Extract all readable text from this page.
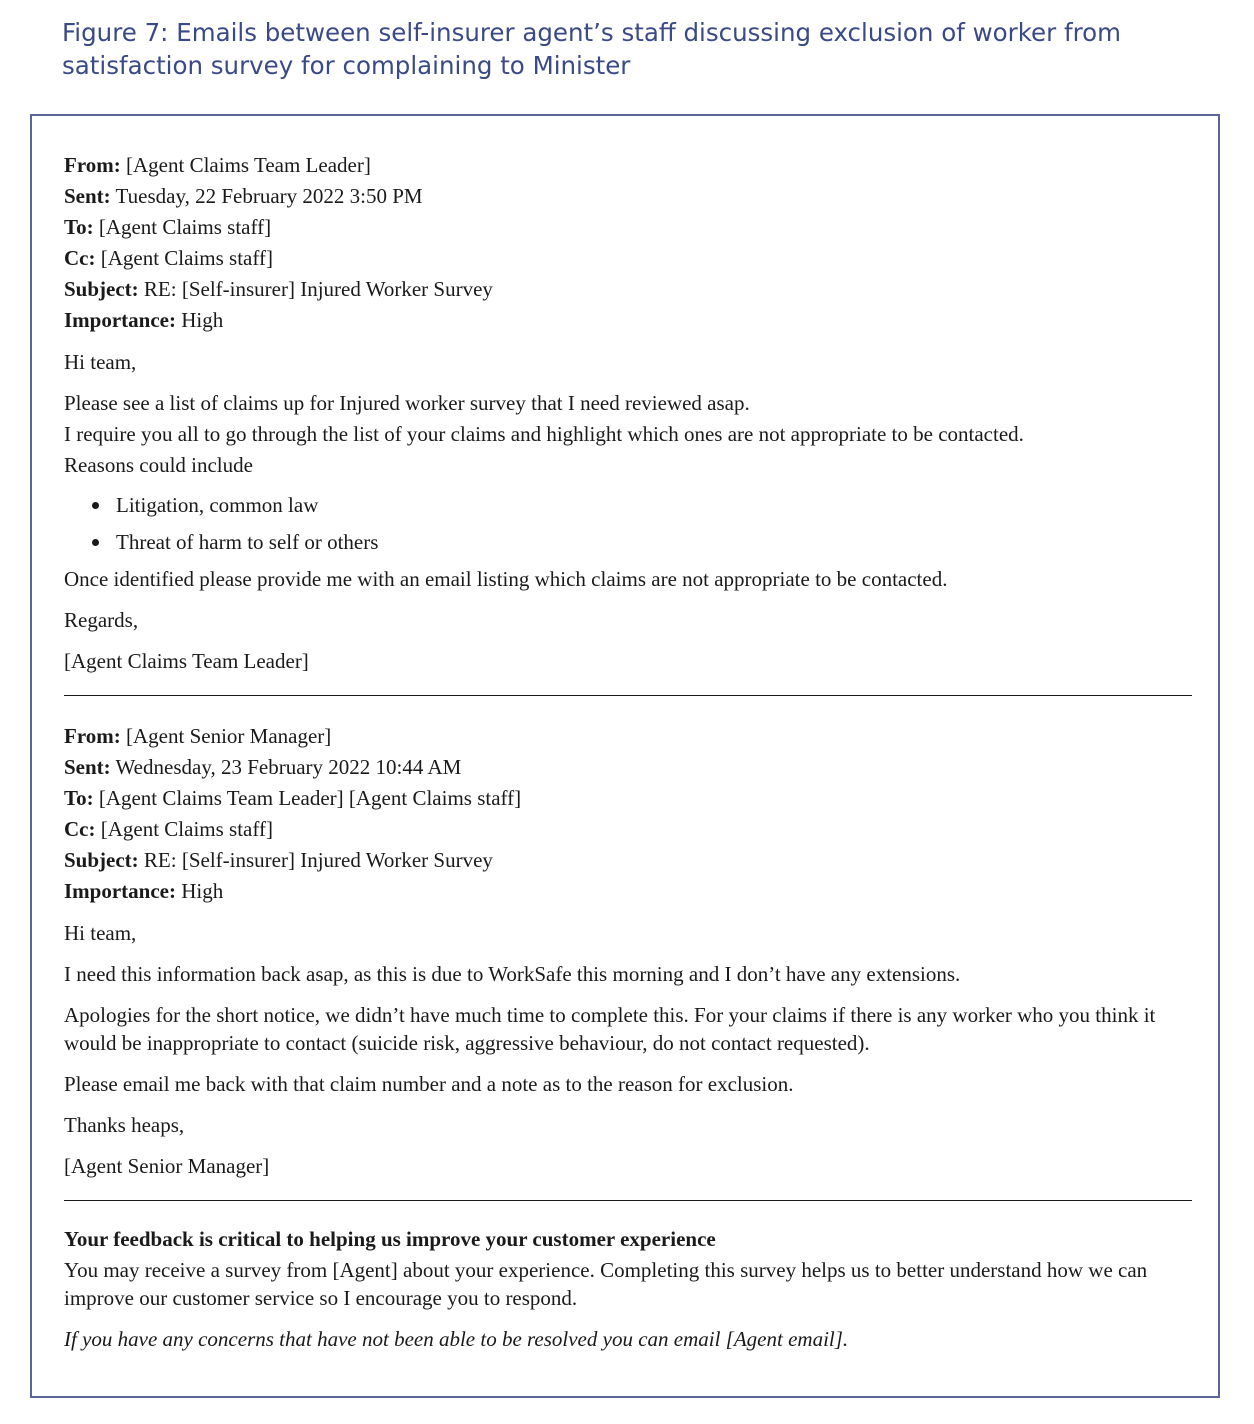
Figure 7: Emails between self-insurer agent’s staff discussing exclusion of worker from satisfaction survey for complaining to Minister

From: [Agent Claims Team Leader]

Sent: Tuesday, 22 February 2022 3:50 PM

To: [Agent Claims staff]

Cc: [Agent Claims staff]

Subject: RE: [Self-insurer] Injured Worker Survey

Importance: High

Hi team,

Please see a list of claims up for Injured worker survey that I need reviewed asap.

I require you all to go through the list of your claims and highlight which ones are not appropriate to be contacted.

Reasons could include

Litigation, common law
Threat of harm to self or others

Once identified please provide me with an email listing which claims are not appropriate to be contacted.

Regards,

[Agent Claims Team Leader]

From: [Agent Senior Manager]

Sent: Wednesday, 23 February 2022 10:44 AM

To: [Agent Claims Team Leader] [Agent Claims staff]

Cc: [Agent Claims staff]

Subject: RE: [Self-insurer] Injured Worker Survey

Importance: High

Hi team,

I need this information back asap, as this is due to WorkSafe this morning and I don’t have any extensions.

Apologies for the short notice, we didn’t have much time to complete this. For your claims if there is any worker who you think it would be inappropriate to contact (suicide risk, aggressive behaviour, do not contact requested).

Please email me back with that claim number and a note as to the reason for exclusion.

Thanks heaps,

[Agent Senior Manager]

Your feedback is critical to helping us improve your customer experience

You may receive a survey from [Agent] about your experience. Completing this survey helps us to better understand how we can improve our customer service so I encourage you to respond.

If you have any concerns that have not been able to be resolved you can email [Agent email].
